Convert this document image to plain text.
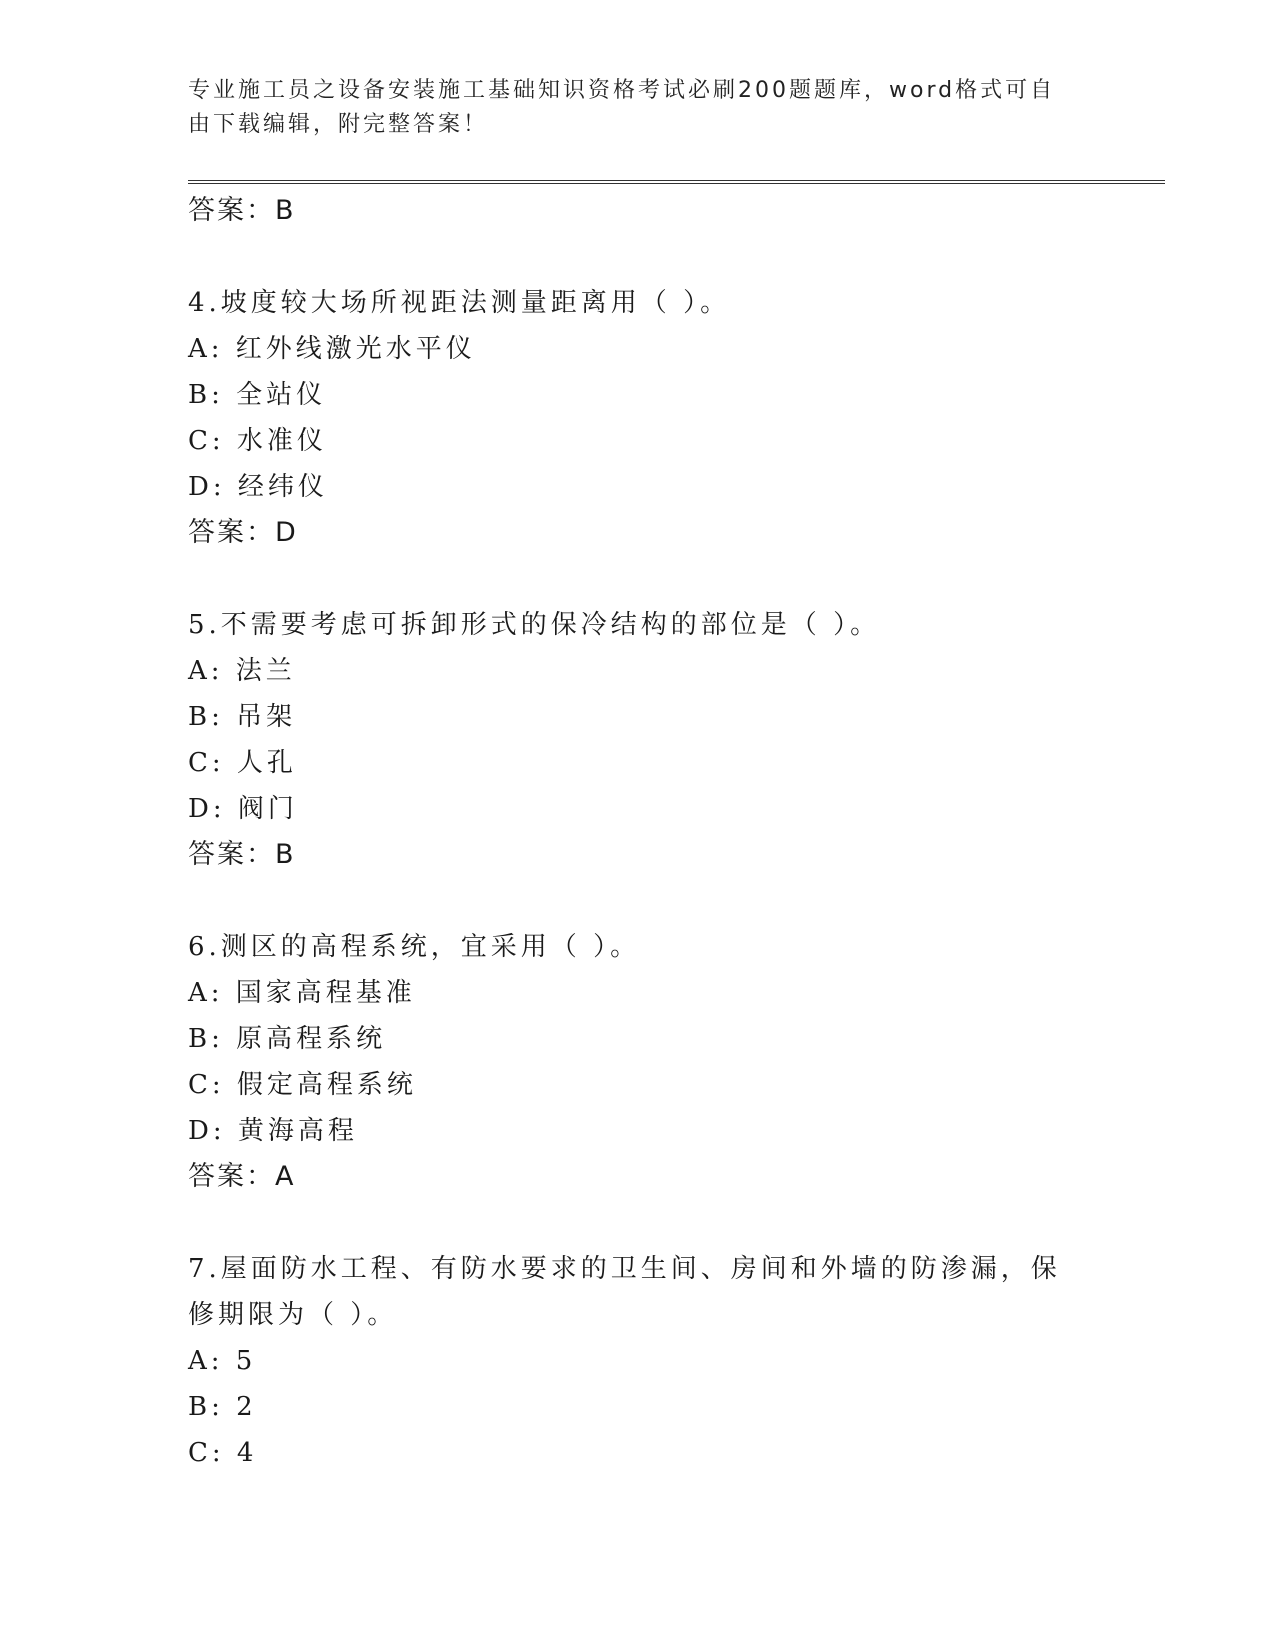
专业施工员之设备安装施工基础知识资格考试必刷200题题库，word格式可自由下载编辑，附完整答案！
答案：B
4.坡度较大场所视距法测量距离用（ ）。
A: 红外线激光水平仪
B: 全站仪
C: 水准仪
D: 经纬仪
答案：D
5.不需要考虑可拆卸形式的保冷结构的部位是（ ）。
A: 法兰
B: 吊架
C: 人孔
D: 阀门
答案：B
6.测区的高程系统，宜采用（ ）。
A: 国家高程基准
B: 原高程系统
C: 假定高程系统
D: 黄海高程
答案：A
7.屋面防水工程、有防水要求的卫生间、房间和外墙的防渗漏，保修期限为（ ）。
A: 5
B: 2
C: 4
